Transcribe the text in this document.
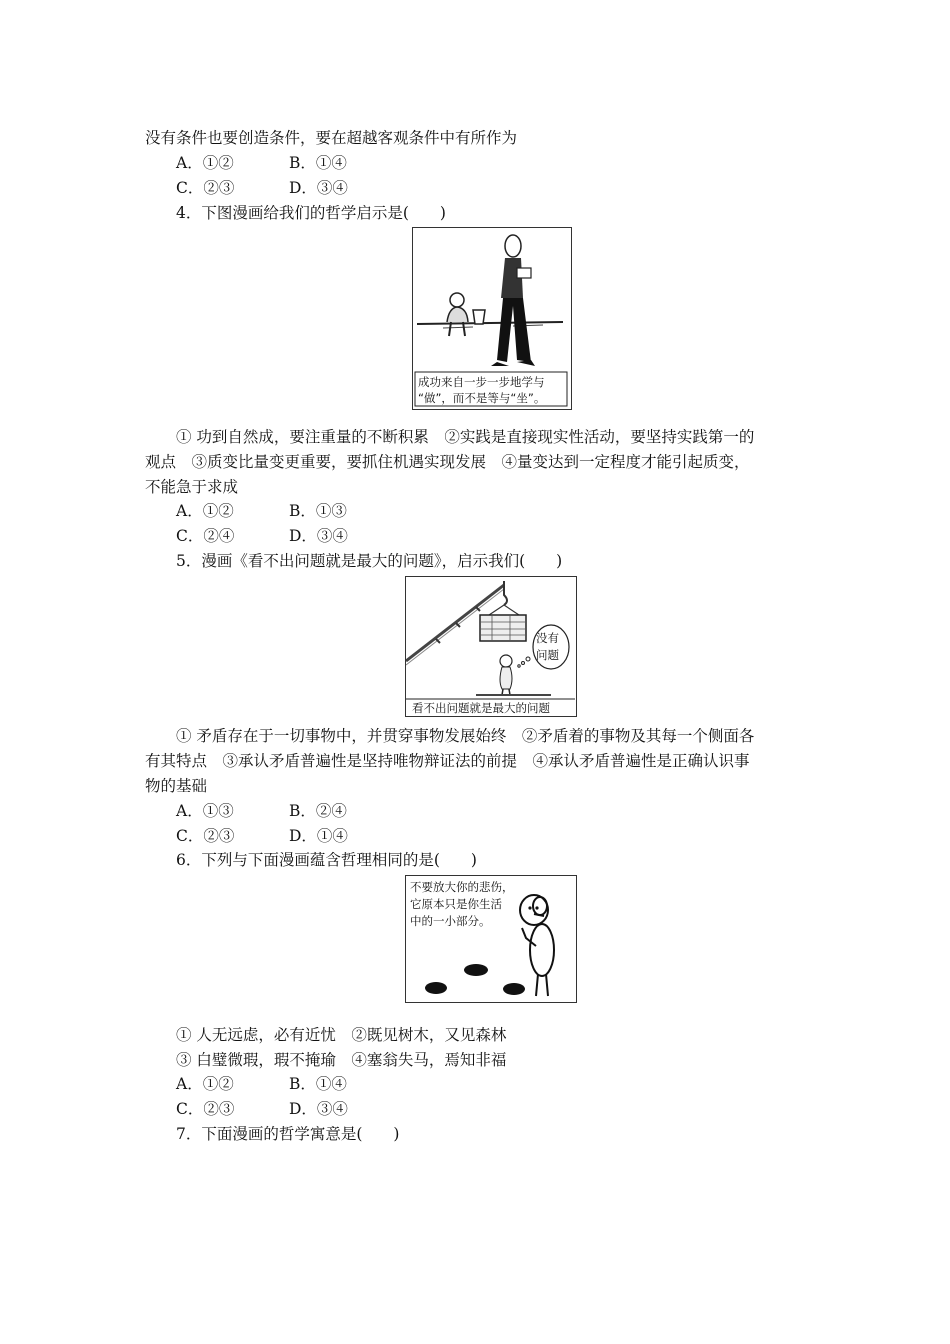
没有条件也要创造条件，要在超越客观条件中有所作为
A．①②	B．①④
C．②③	D．③④
4．下图漫画给我们的哲学启示是(　　)
成功来自一步一步地学与
“做”，而不是等与“坐”。
① 功到自然成，要注重量的不断积累　②实践是直接现实性活动，要坚持实践第一的
观点　③质变比量变更重要，要抓住机遇实现发展　④量变达到一定程度才能引起质变，
不能急于求成
A．①②	B．①③
C．②④	D．③④
5．漫画《看不出问题就是最大的问题》，启示我们(　　)
没有
问题
看不出问题就是最大的问题
① 矛盾存在于一切事物中，并贯穿事物发展始终　②矛盾着的事物及其每一个侧面各
有其特点　③承认矛盾普遍性是坚持唯物辩证法的前提　④承认矛盾普遍性是正确认识事
物的基础
A．①③	B．②④
C．②③	D．①④
6．下列与下面漫画蕴含哲理相同的是(　　)
不要放大你的悲伤，
它原本只是你生活
中的一小部分。
① 人无远虑，必有近忧　②既见树木，又见森林
③ 白璧微瑕，瑕不掩瑜　④塞翁失马，焉知非福
A．①②	B．①④
C．②③	D．③④
7．下面漫画的哲学寓意是(　　)
